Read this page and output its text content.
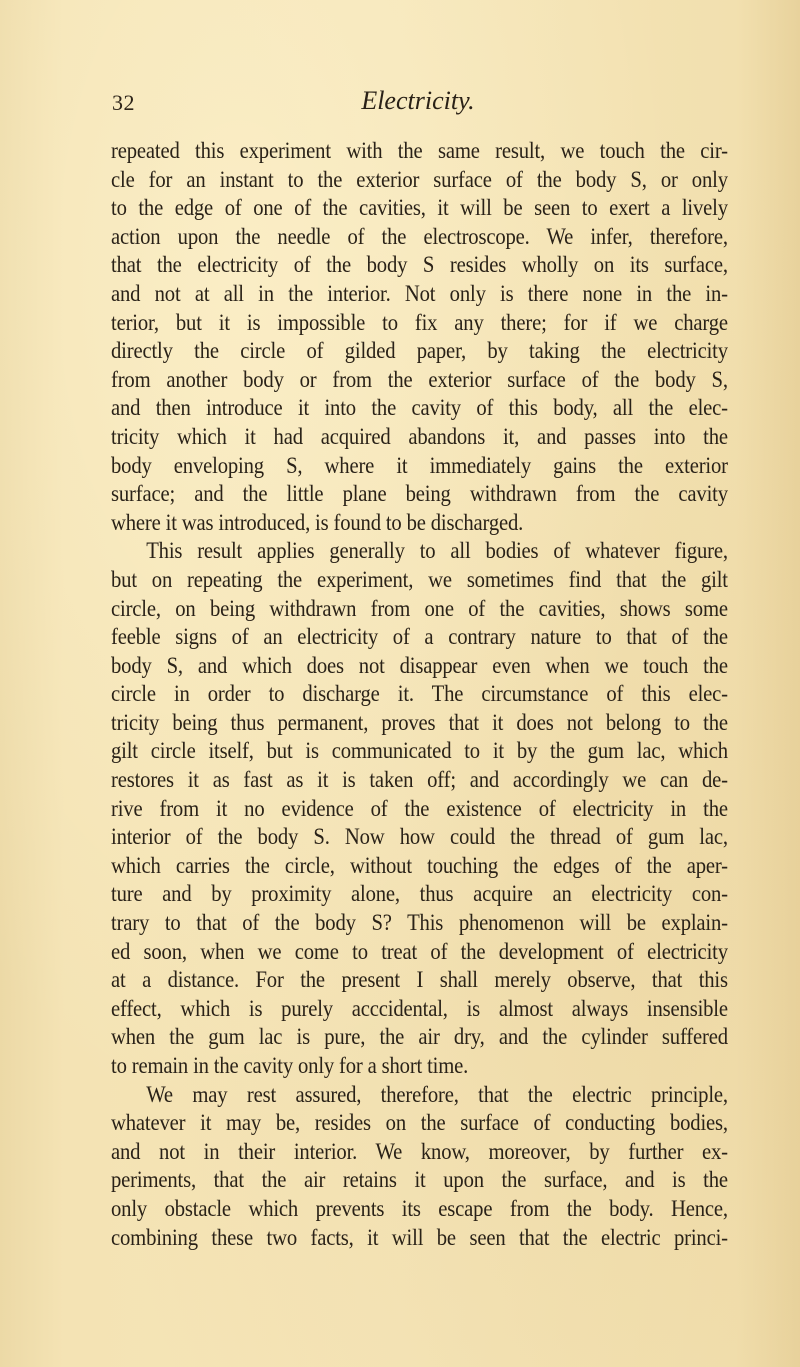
32	Electricity.
repeated this experiment with the same result, we touch the cir-
cle for an instant to the exterior surface of the body S, or only
to the edge of one of the cavities, it will be seen to exert a lively
action upon the needle of the electroscope. We infer, therefore,
that the electricity of the body S resides wholly on its surface,
and not at all in the interior. Not only is there none in the in-
terior, but it is impossible to fix any there; for if we charge
directly the circle of gilded paper, by taking the electricity
from another body or from the exterior surface of the body S,
and then introduce it into the cavity of this body, all the elec-
tricity which it had acquired abandons it, and passes into the
body enveloping S, where it immediately gains the exterior
surface; and the little plane being withdrawn from the cavity
where it was introduced, is found to be discharged.
This result applies generally to all bodies of whatever figure,
but on repeating the experiment, we sometimes find that the gilt
circle, on being withdrawn from one of the cavities, shows some
feeble signs of an electricity of a contrary nature to that of the
body S, and which does not disappear even when we touch the
circle in order to discharge it. The circumstance of this elec-
tricity being thus permanent, proves that it does not belong to the
gilt circle itself, but is communicated to it by the gum lac, which
restores it as fast as it is taken off; and accordingly we can de-
rive from it no evidence of the existence of electricity in the
interior of the body S. Now how could the thread of gum lac,
which carries the circle, without touching the edges of the aper-
ture and by proximity alone, thus acquire an electricity con-
trary to that of the body S? This phenomenon will be explain-
ed soon, when we come to treat of the development of electricity
at a distance. For the present I shall merely observe, that this
effect, which is purely acccidental, is almost always insensible
when the gum lac is pure, the air dry, and the cylinder suffered
to remain in the cavity only for a short time.
We may rest assured, therefore, that the electric principle,
whatever it may be, resides on the surface of conducting bodies,
and not in their interior. We know, moreover, by further ex-
periments, that the air retains it upon the surface, and is the
only obstacle which prevents its escape from the body. Hence,
combining these two facts, it will be seen that the electric princi-
